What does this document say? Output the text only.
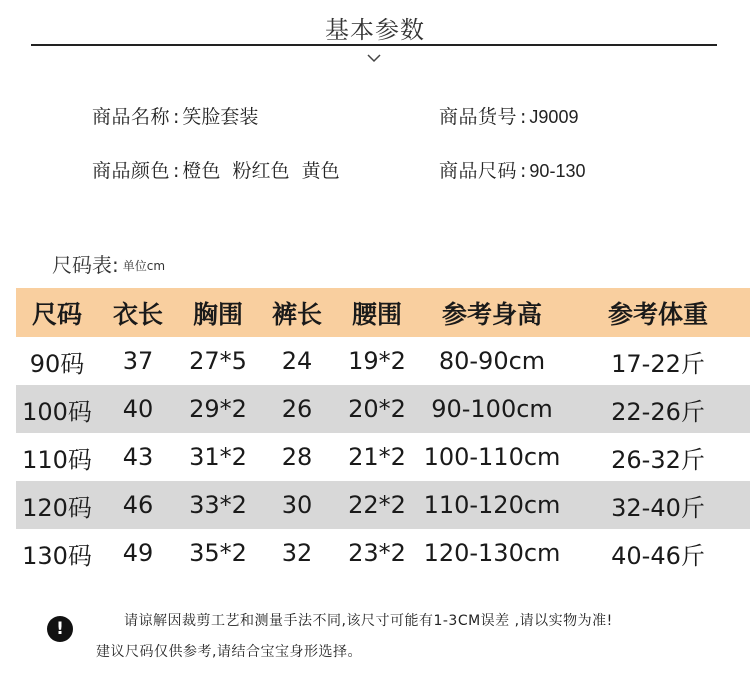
基本参数
商品名称 : 笑脸套装	商品货号 : J9009
商品颜色 : 橙色  粉红色  黄色	商品尺码 : 90-130
尺码表: 单位cm
尺码	衣长	胸围	裤长	腰围	参考身高	参考体重
90码	37	27*5	24	19*2	80-90cm	17-22斤
100码	40	29*2	26	20*2	90-100cm	22-26斤
110码	43	31*2	28	21*2	100-110cm	26-32斤
120码	46	33*2	30	22*2	110-120cm	32-40斤
130码	49	35*2	32	23*2	120-130cm	40-46斤
!	请谅解因裁剪工艺和测量手法不同,该尺寸可能有1-3CM误差 ,请以实物为准!
建议尺码仅供参考,请结合宝宝身形选择。
